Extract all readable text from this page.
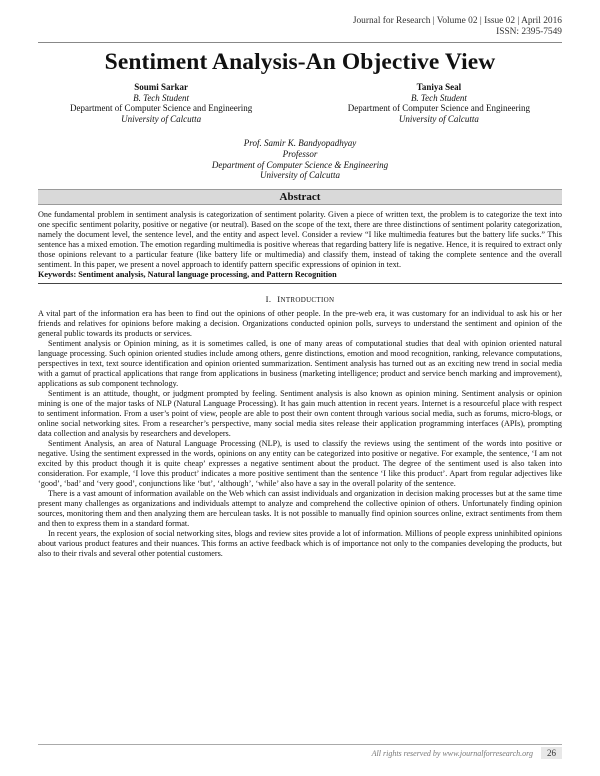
Journal for Research | Volume 02 | Issue 02 | April 2016
ISSN: 2395-7549
Sentiment Analysis-An Objective View
Soumi Sarkar
B. Tech Student
Department of Computer Science and Engineering
University of Calcutta
Taniya Seal
B. Tech Student
Department of Computer Science and Engineering
University of Calcutta
Prof. Samir K. Bandyopadhyay
Professor
Department of Computer Science & Engineering
University of Calcutta
Abstract
One fundamental problem in sentiment analysis is categorization of sentiment polarity. Given a piece of written text, the problem is to categorize the text into one specific sentiment polarity, positive or negative (or neutral). Based on the scope of the text, there are three distinctions of sentiment polarity categorization, namely the document level, the sentence level, and the entity and aspect level. Consider a review “I like multimedia features but the battery life sucks.” This sentence has a mixed emotion. The emotion regarding multimedia is positive whereas that regarding battery life is negative. Hence, it is required to extract only those opinions relevant to a particular feature (like battery life or multimedia) and classify them, instead of taking the complete sentence and the overall sentiment. In this paper, we present a novel approach to identify pattern specific expressions of opinion in text.
Keywords: Sentiment analysis, Natural language processing, and Pattern Recognition
I. INTRODUCTION

A vital part of the information era has been to find out the opinions of other people. In the pre-web era, it was customary for an individual to ask his or her friends and relatives for opinions before making a decision. Organizations conducted opinion polls, surveys to understand the sentiment and opinion of the general public towards its products or services.

Sentiment analysis or Opinion mining, as it is sometimes called, is one of many areas of computational studies that deal with opinion oriented natural language processing. Such opinion oriented studies include among others, genre distinctions, emotion and mood recognition, ranking, relevance computations, perspectives in text, text source identification and opinion oriented summarization. Sentiment analysis has turned out as an exciting new trend in social media with a gamut of practical applications that range from applications in business (marketing intelligence; product and service bench marking and improvement), applications as sub component technology.

Sentiment is an attitude, thought, or judgment prompted by feeling. Sentiment analysis is also known as opinion mining. Sentiment analysis or opinion mining is one of the major tasks of NLP (Natural Language Processing). It has gain much attention in recent years. Internet is a resourceful place with respect to sentiment information. From a user’s point of view, people are able to post their own content through various social media, such as forums, micro-blogs, or online social networking sites. From a researcher’s perspective, many social media sites release their application programming interfaces (APIs), prompting data collection and analysis by researchers and developers.

Sentiment Analysis, an area of Natural Language Processing (NLP), is used to classify the reviews using the sentiment of the words into positive or negative. Using the sentiment expressed in the words, opinions on any entity can be categorized into positive or negative. For example, the sentence, ‘I am not excited by this product though it is quite cheap’ expresses a negative sentiment about the product. The degree of the sentiment used is also taken into consideration. For example, ‘I love this product’ indicates a more positive sentiment than the sentence ‘I like this product’. Apart from regular adjectives like ‘good’, ‘bad’ and ‘very good’, conjunctions like ‘but’, ‘although’, ‘while’ also have a say in the overall polarity of the sentence.

There is a vast amount of information available on the Web which can assist individuals and organization in decision making processes but at the same time present many challenges as organizations and individuals attempt to analyze and comprehend the collective opinion of others. Unfortunately finding opinion sources, monitoring them and then analyzing them are herculean tasks. It is not possible to manually find opinion sources online, extract sentiments from them and then to express them in a standard format.

In recent years, the explosion of social networking sites, blogs and review sites provide a lot of information. Millions of people express uninhibited opinions about various product features and their nuances. This forms an active feedback which is of importance not only to the companies developing the products, but also to their rivals and several other potential customers.

All rights reserved by www.journalforresearch.org	26
